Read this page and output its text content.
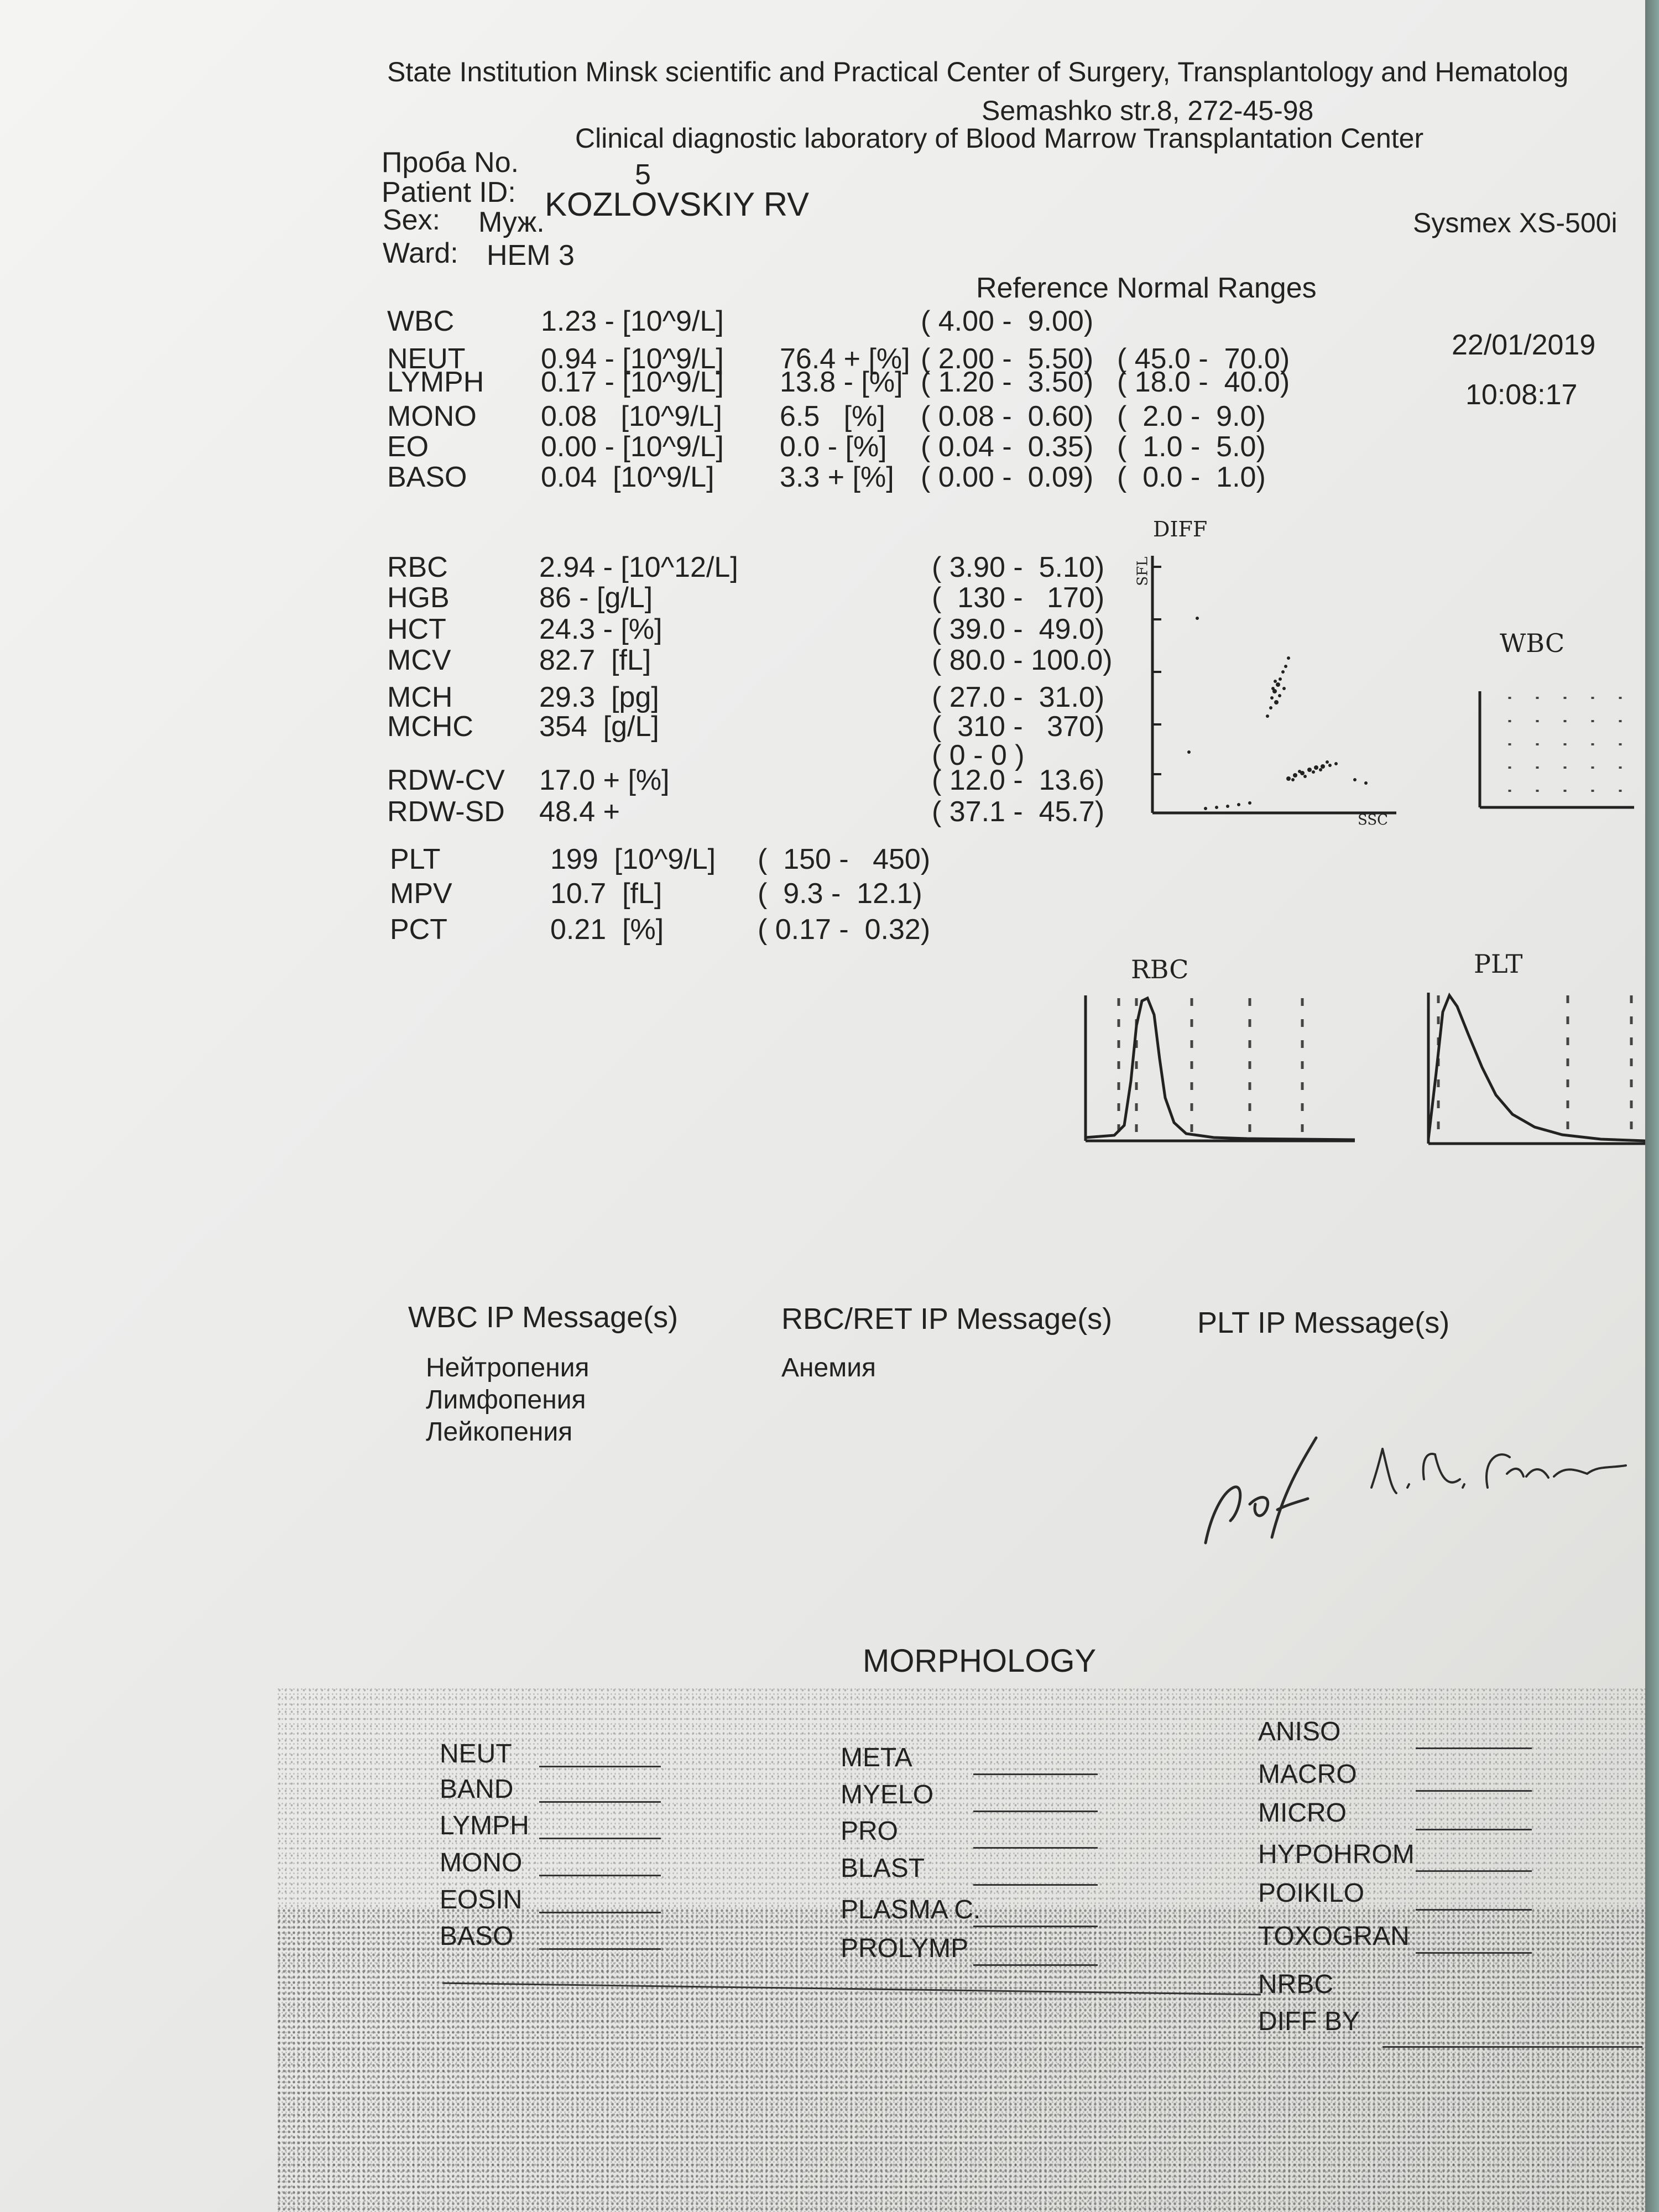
State Institution Minsk scientific and Practical Center of Surgery, Transplantology and Hematolog
Semashko str.8, 272-45-98
Clinical diagnostic laboratory of Blood Marrow Transplantation Center
Sysmex XS-500i
Проба No.	5
Patient ID: KOZLOVSKIY RV
Sex: Муж.
Ward: HEM 3
Reference Normal Ranges
22/01/2019
10:08:17
WBC	1.23 - [10^9/L]	( 4.00 -  9.00)
NEUT	0.94 - [10^9/L] 76.4 + [%] ( 2.00 -  5.50) ( 45.0 -  70.0)
LYMPH 0.17 - [10^9/L] 13.8 - [%] ( 1.20 -  3.50) ( 18.0 -  40.0)
MONO 0.08   [10^9/L] 6.5   [%] ( 0.08 -  0.60) (  2.0 -  9.0)
EO	0.00 - [10^9/L] 0.0 - [%] ( 0.04 -  0.35) (  1.0 -  5.0)
BASO	0.04  [10^9/L] 3.3 + [%] ( 0.00 -  0.09) (  0.0 -  1.0)
RBC	2.94 - [10^12/L]	( 3.90 -  5.10)
HGB	86 - [g/L]	(  130 -   170)
HCT	24.3 - [%]	( 39.0 -  49.0)
MCV	82.7  [fL]	( 80.0 - 100.0)
MCH	29.3  [pg]	( 27.0 -  31.0)
MCHC 354  [g/L]	(  310 -   370)
( 0 - 0 )
RDW-CV 17.0 + [%]	( 12.0 -  13.6)
RDW-SD 48.4 +	( 37.1 -  45.7)
PLT	199  [10^9/L] (  150 -   450)
MPV	10.7  [fL]	(  9.3 -  12.1)
PCT	0.21  [%]	( 0.17 -  0.32)
DIFF
SFL
SSC
WBC
RBC	PLT
WBC IP Message(s)	RBC/RET IP Message(s)	PLT IP Message(s)
Нейтропения
Лимфопения
Лейкопения
Анемия
MORPHOLOGY
NEUT
BAND
LYMPH
MONO
EOSIN
BASO
META
MYELO
PRO
BLAST
PLASMA C.
PROLYMP
ANISO
MACRO
MICRO
HYPOHROM
POIKILO
TOXOGRAN
NRBC
DIFF BY
